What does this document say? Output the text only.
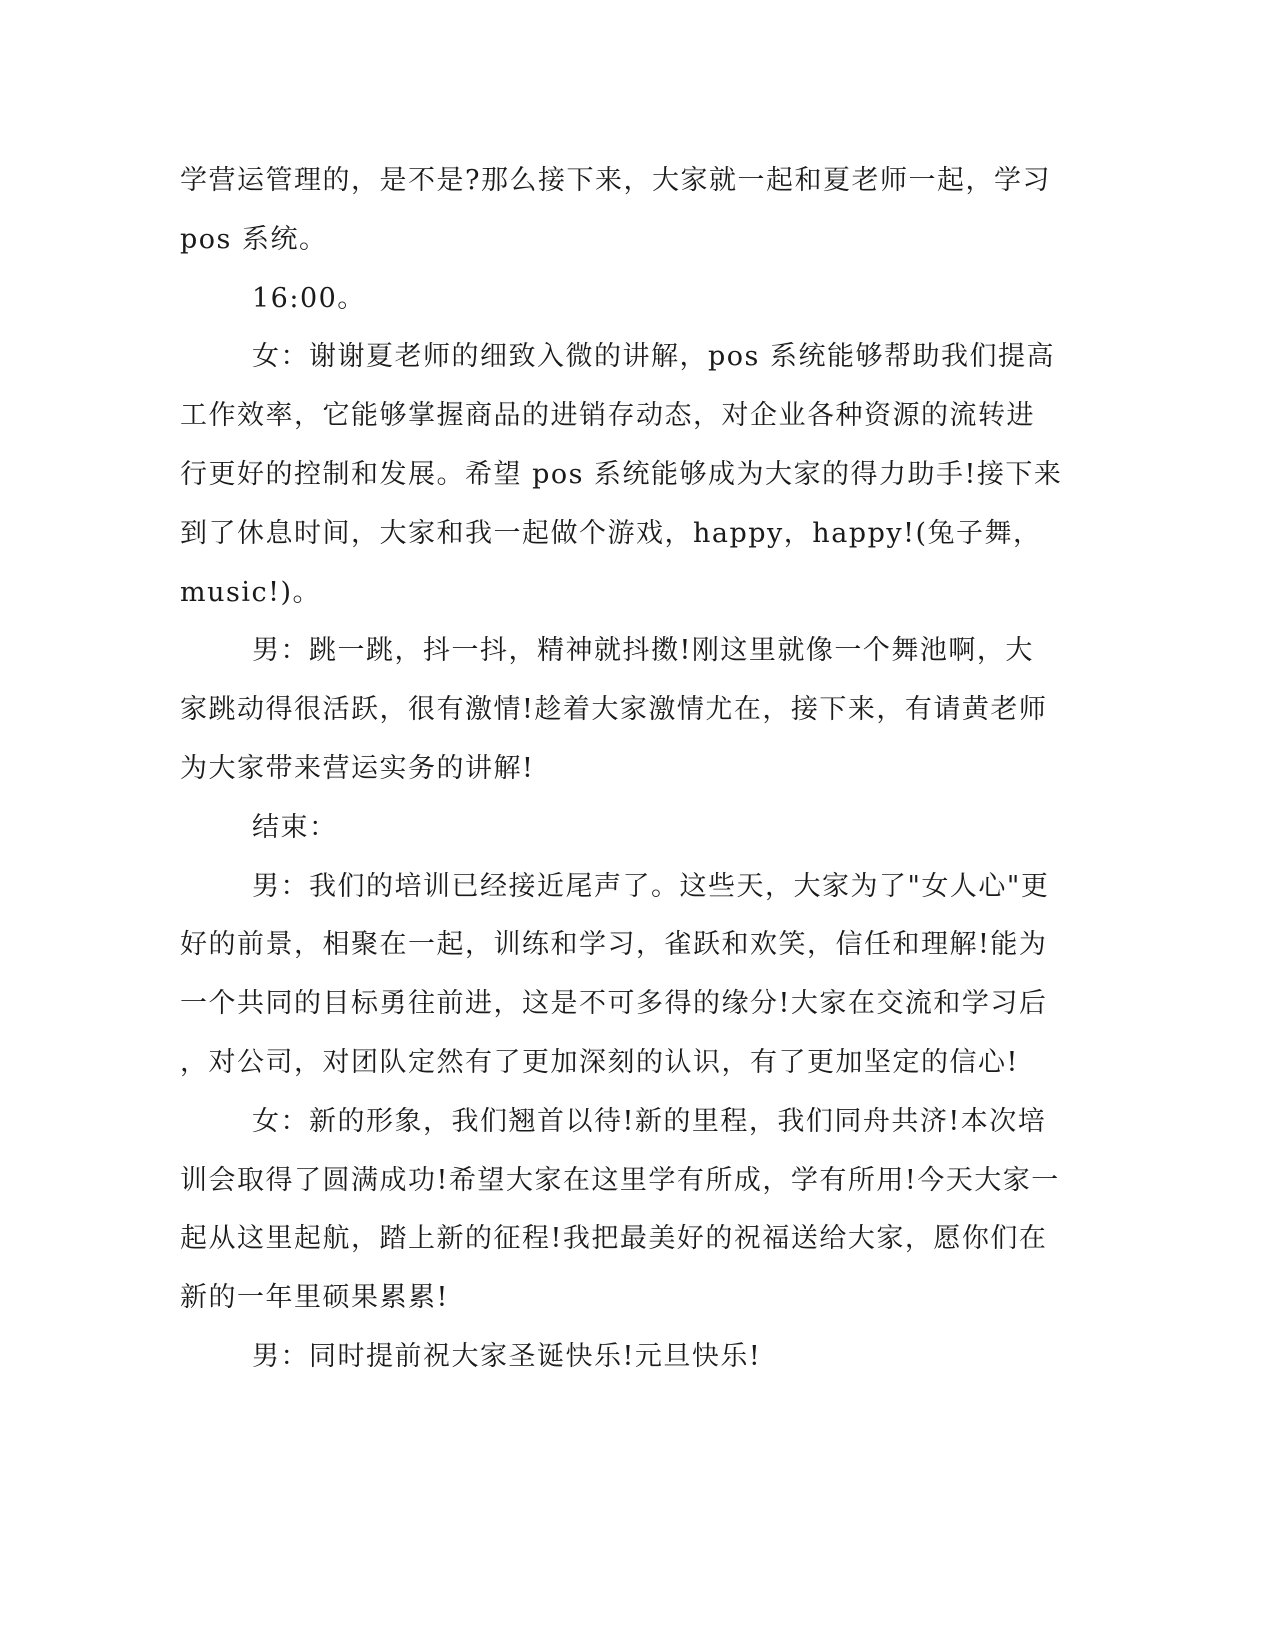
学营运管理的，是不是?那么接下来，大家就一起和夏老师一起，学习
pos 系统。
16:00。
女：谢谢夏老师的细致入微的讲解，pos 系统能够帮助我们提高
工作效率，它能够掌握商品的进销存动态，对企业各种资源的流转进
行更好的控制和发展。希望 pos 系统能够成为大家的得力助手!接下来
到了休息时间，大家和我一起做个游戏，happy，happy!(兔子舞，
music!)。
男：跳一跳，抖一抖，精神就抖擞!刚这里就像一个舞池啊，大
家跳动得很活跃，很有激情!趁着大家激情尤在，接下来，有请黄老师
为大家带来营运实务的讲解!
结束：
男：我们的培训已经接近尾声了。这些天，大家为了"女人心"更
好的前景，相聚在一起，训练和学习，雀跃和欢笑，信任和理解!能为
一个共同的目标勇往前进，这是不可多得的缘分!大家在交流和学习后
，对公司，对团队定然有了更加深刻的认识，有了更加坚定的信心!
女：新的形象，我们翘首以待!新的里程，我们同舟共济!本次培
训会取得了圆满成功!希望大家在这里学有所成，学有所用!今天大家一
起从这里起航，踏上新的征程!我把最美好的祝福送给大家，愿你们在
新的一年里硕果累累!
男：同时提前祝大家圣诞快乐!元旦快乐!
